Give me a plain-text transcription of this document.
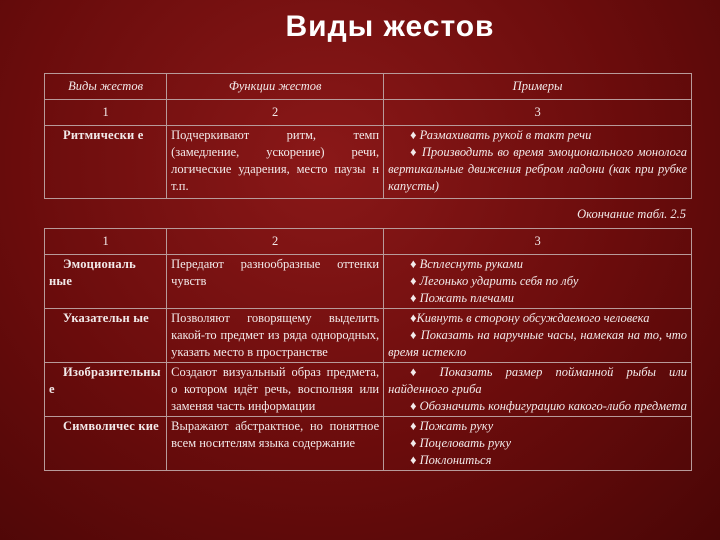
Виды жестов
Виды жестов	Функции жестов	Примеры
1	2	3
Ритмически е	Подчеркивают ритм, темп (замедление, ускорение) речи, логические ударения, место паузы н т.п.	♦ Размахивать рукой в такт речи
♦ Производить во время эмоционального монолога вертикальные движения ребром ладони (как при рубке капусты)
Окончание табл. 2.5
1	2	3
Эмоциональ ные	Передают разнообразные оттенки чувств	♦ Всплеснуть руками
♦ Легонько ударить себя по лбу
♦ Пожать плечами

Указательн ые	Позволяют говорящему выделить какой-то предмет из ряда однородных, указать место в пространстве	♦Кивнуть в сторону обсуждаемого человека
♦ Показать на наручные часы, намекая на то, что время истекло

Изобразительны е	Создают визуальный образ предмета, о котором идёт речь, восполняя или заменяя часть информации	♦ Показать размер пойманной рыбы или найденного гриба
♦ Обозначить конфигурацию какого-либо предмета

Символичес кие	Выражают абстрактное, но понятное всем носителям языка содержание	♦ Пожать руку
♦ Поцеловать руку
♦ Поклониться
